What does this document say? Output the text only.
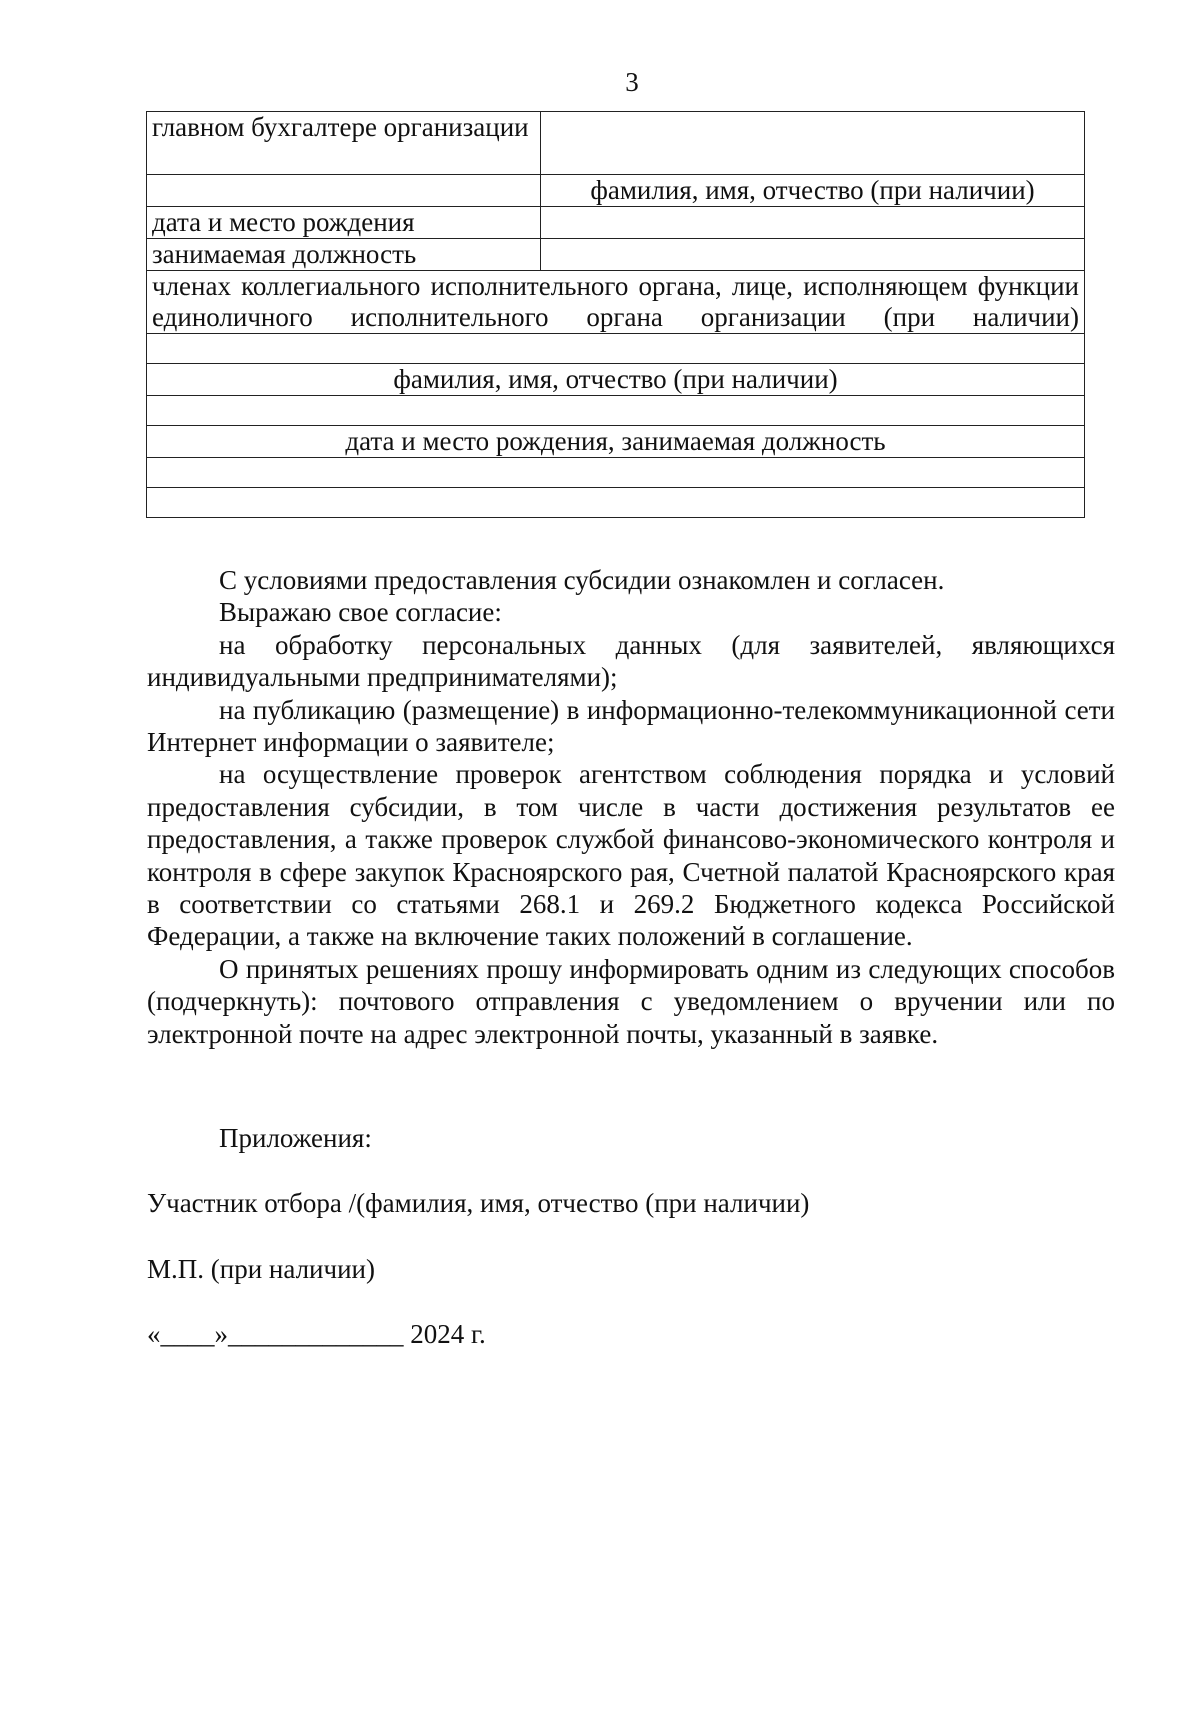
3
главном бухгалтере организации	
	фамилия, имя, отчество (при наличии)
дата и место рождения	
занимаемая должность	
членах коллегиального исполнительного органа, лице, исполняющем функции единоличного исполнительного органа организации (при наличии)	

фамилия, имя, отчество (при наличии)	

дата и место рождения, занимаемая должность	

С условиями предоставления субсидии ознакомлен и согласен.

Выражаю свое согласие:

на обработку персональных данных (для заявителей, являющихся индивидуальными предпринимателями);

на публикацию (размещение) в информационно-телекоммуникационной сети Интернет информации о заявителе;

на осуществление проверок агентством соблюдения порядка и условий предоставления субсидии, в том числе в части достижения результатов ее предоставления, а также проверок службой финансово-экономического контроля и контроля в сфере закупок Красноярского рая, Счетной палатой Красноярского края в соответствии со статьями 268.1 и 269.2 Бюджетного кодекса Российской Федерации, а также на включение таких положений в соглашение.

О принятых решениях прошу информировать одним из следующих способов (подчеркнуть): почтового отправления с уведомлением о вручении или по электронной почте на адрес электронной почты, указанный в заявке.

Приложения:

Участник отбора /(фамилия, имя, отчество (при наличии)

М.П. (при наличии)

«____»_____________ 2024 г.
